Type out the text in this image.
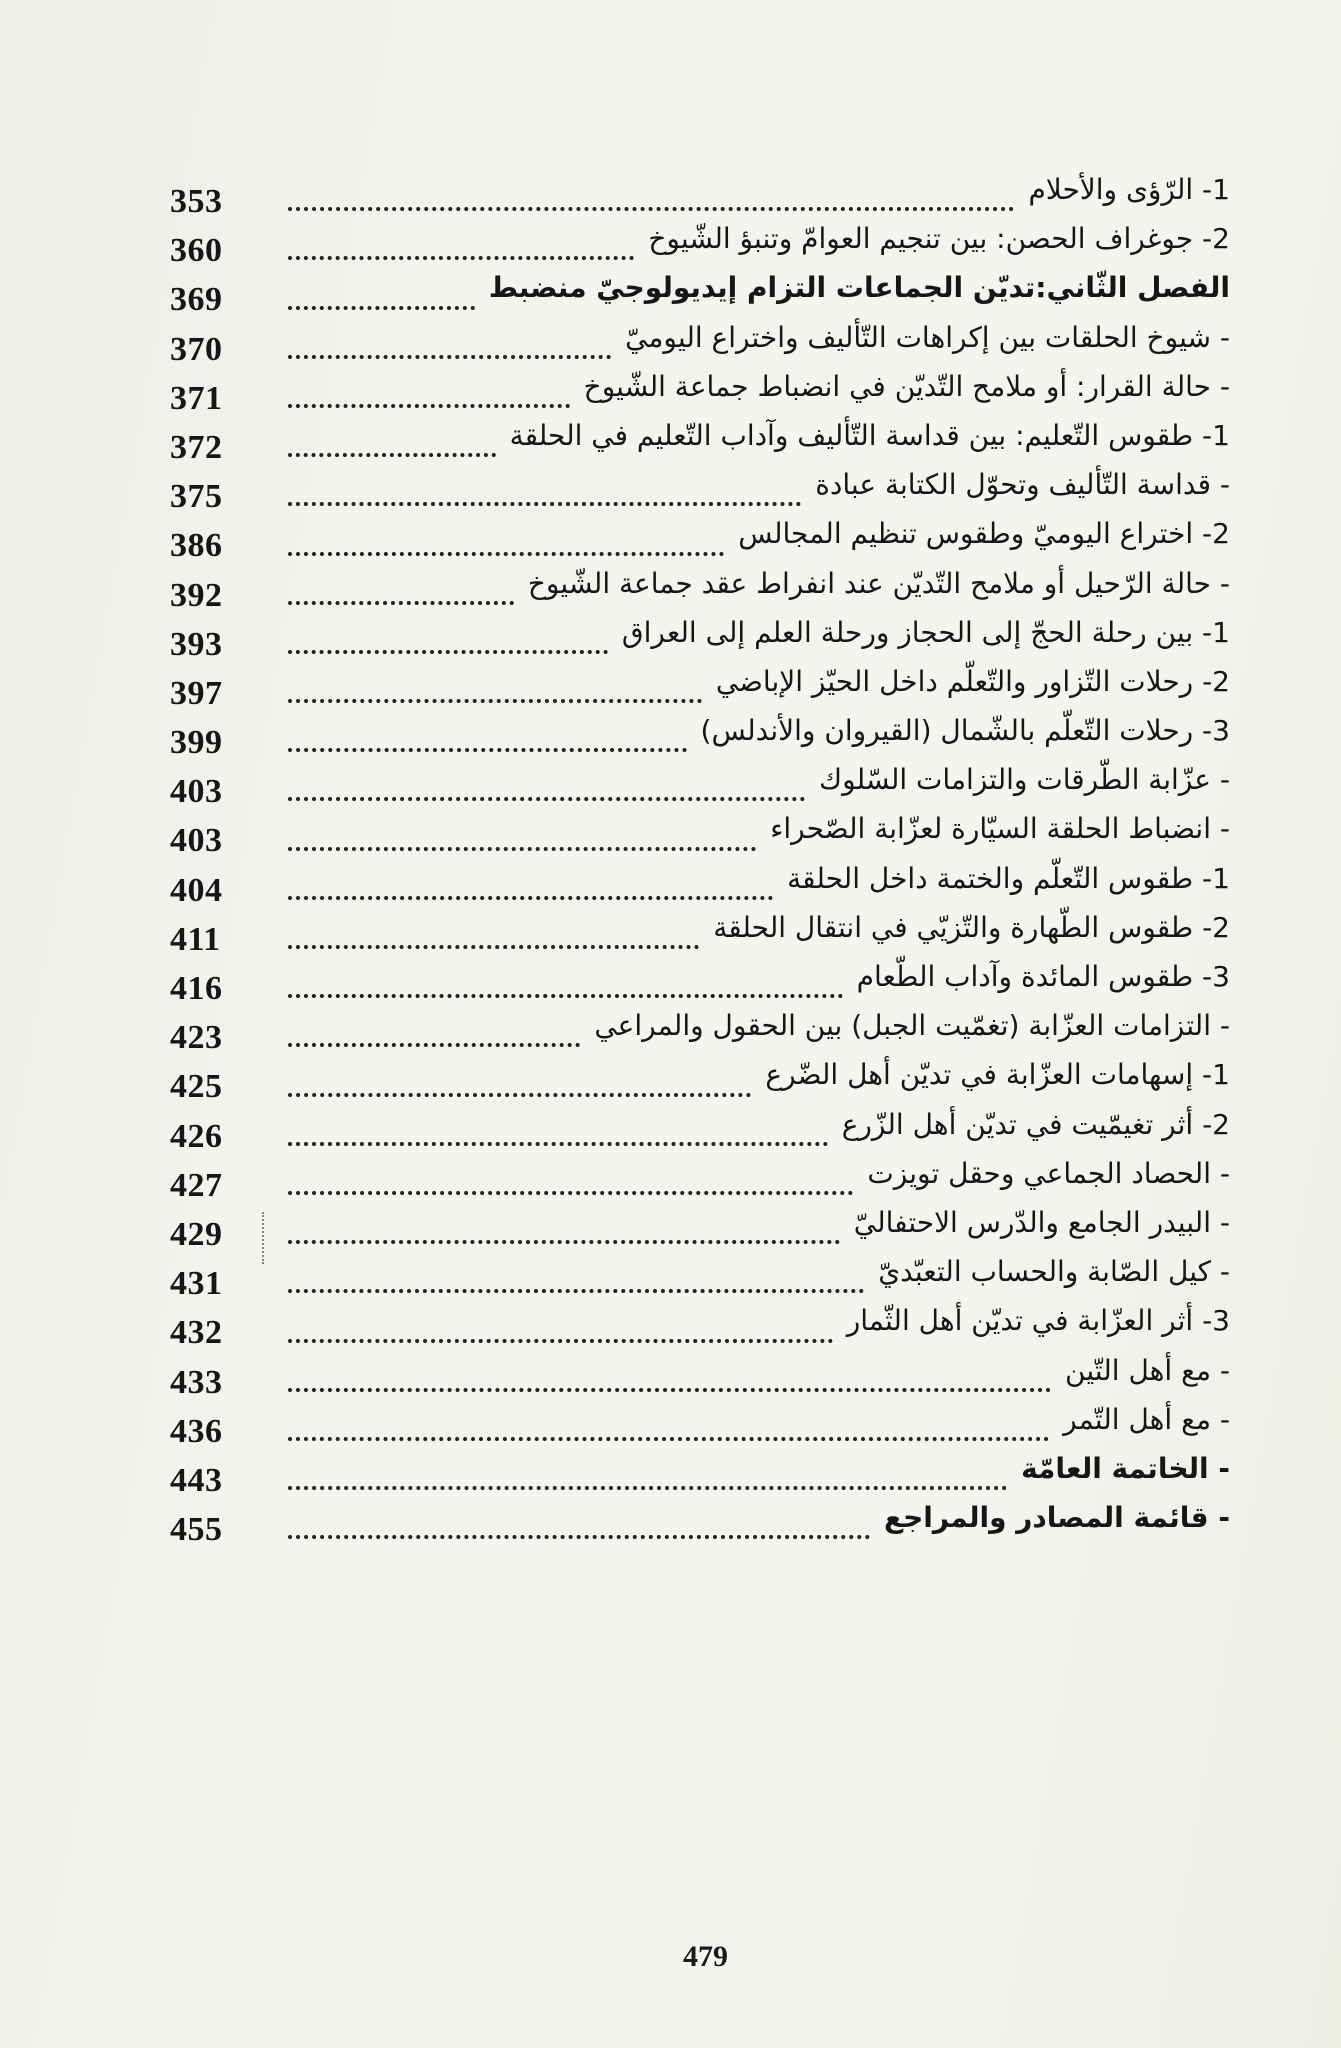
353	1- الرّؤى والأحلام
360	2- جوغراف الحصن: بين تنجيم العوامّ وتنبؤ الشّيوخ
369	الفصل الثّاني:تديّن الجماعات التزام إيديولوجيّ منضبط
370	- شيوخ الحلقات بين إكراهات التّأليف واختراع اليوميّ
371	- حالة القرار: أو ملامح التّديّن في انضباط جماعة الشّيوخ
372	1- طقوس التّعليم: بين قداسة التّأليف وآداب التّعليم في الحلقة
375	- قداسة التّأليف وتحوّل الكتابة عبادة
386	2- اختراع اليوميّ وطقوس تنظيم المجالس
392	- حالة الرّحيل أو ملامح التّديّن عند انفراط عقد جماعة الشّيوخ
393	1- بين رحلة الحجّ إلى الحجاز ورحلة العلم إلى العراق
397	2- رحلات التّزاور والتّعلّم داخل الحيّز الإباضي
399	3- رحلات التّعلّم بالشّمال (القيروان والأندلس)
403	- عزّابة الطّرقات والتزامات السّلوك
403	- انضباط الحلقة السيّارة لعزّابة الصّحراء
404	1- طقوس التّعلّم والختمة داخل الحلقة
411	2- طقوس الطّهارة والتّزيّي في انتقال الحلقة
416	3- طقوس المائدة وآداب الطّعام
423	- التزامات العزّابة (تغمّيت الجبل) بين الحقول والمراعي
425	1- إسهامات العزّابة في تديّن أهل الضّرع
426	2- أثر تغيمّيت في تديّن أهل الزّرع
427	- الحصاد الجماعي وحقل تويزت
429	- البيدر الجامع والدّرس الاحتفاليّ
431	- كيل الصّابة والحساب التعبّديّ
432	3- أثر العزّابة في تديّن أهل الثّمار
433	- مع أهل التّين
436	- مع أهل التّمر
443	- الخاتمة العامّة
455	- قائمة المصادر والمراجع
479
